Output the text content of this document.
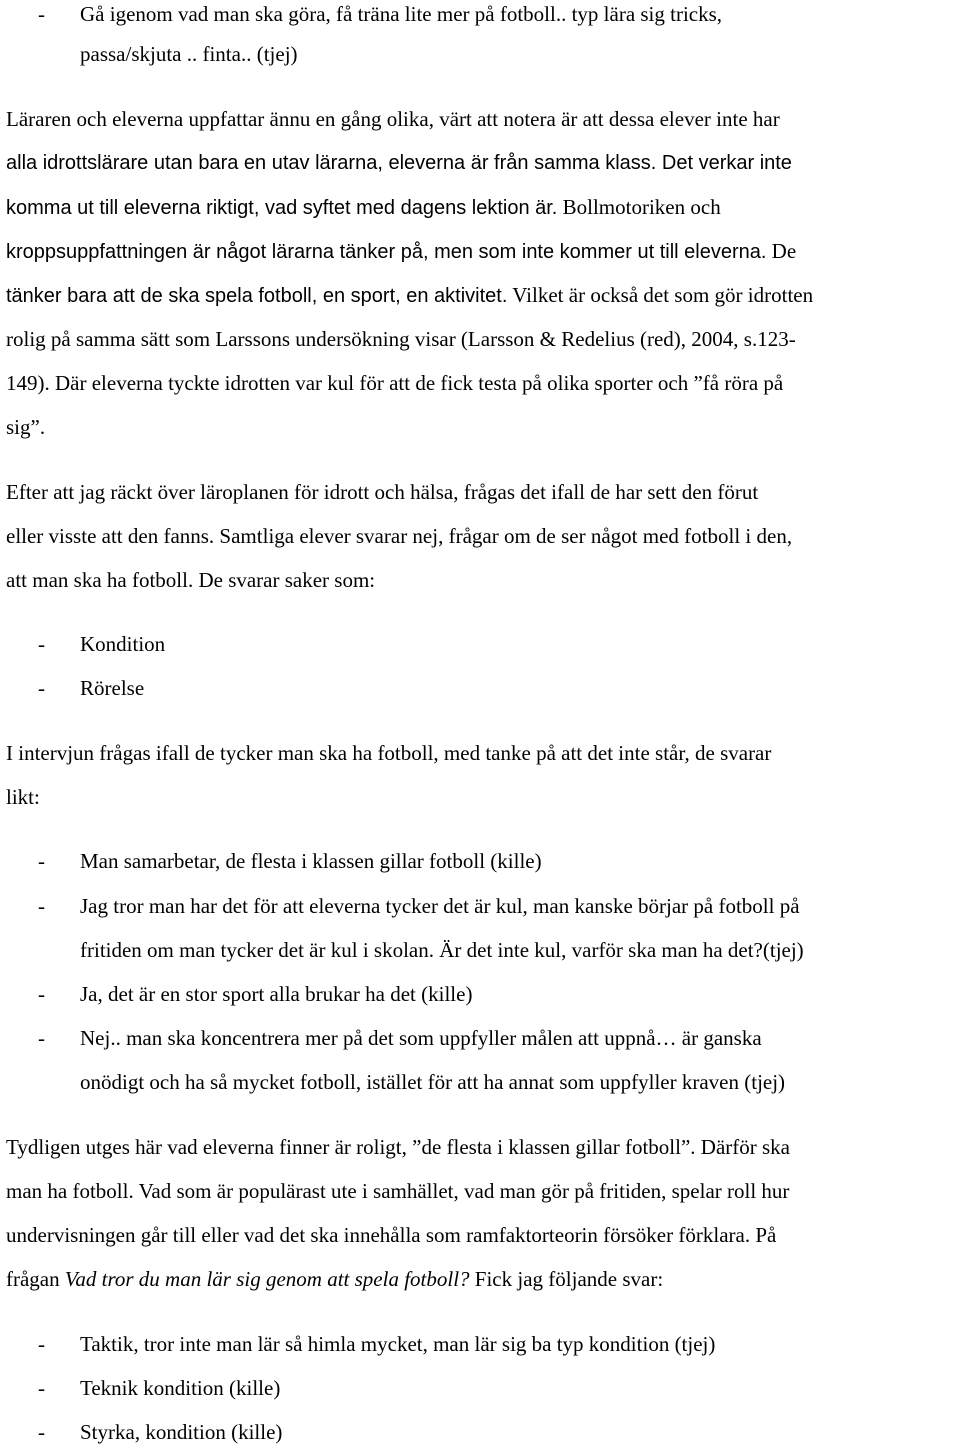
- Gå igenom vad man ska göra, få träna lite mer på fotboll.. typ lära sig tricks,
passa/skjuta .. finta.. (tjej)
Läraren och eleverna uppfattar ännu en gång olika, värt att notera är att dessa elever inte har
alla idrottslärare utan bara en utav lärarna, eleverna är från samma klass. Det verkar inte
komma ut till eleverna riktigt, vad syftet med dagens lektion är. Bollmotoriken och
kroppsuppfattningen är något lärarna tänker på, men som inte kommer ut till eleverna. De
tänker bara att de ska spela fotboll, en sport, en aktivitet. Vilket är också det som gör idrotten
rolig på samma sätt som Larssons undersökning visar (Larsson & Redelius (red), 2004, s.123-
149). Där eleverna tyckte idrotten var kul för att de fick testa på olika sporter och ”få röra på
sig”.
Efter att jag räckt över läroplanen för idrott och hälsa, frågas det ifall de har sett den förut
eller visste att den fanns. Samtliga elever svarar nej, frågar om de ser något med fotboll i den,
att man ska ha fotboll. De svarar saker som:
- Kondition
- Rörelse
I intervjun frågas ifall de tycker man ska ha fotboll, med tanke på att det inte står, de svarar
likt:
- Man samarbetar, de flesta i klassen gillar fotboll (kille)
- Jag tror man har det för att eleverna tycker det är kul, man kanske börjar på fotboll på
fritiden om man tycker det är kul i skolan. Är det inte kul, varför ska man ha det?(tjej)
- Ja, det är en stor sport alla brukar ha det (kille)
- Nej.. man ska koncentrera mer på det som uppfyller målen att uppnå… är ganska
onödigt och ha så mycket fotboll, istället för att ha annat som uppfyller kraven (tjej)
Tydligen utges här vad eleverna finner är roligt, ”de flesta i klassen gillar fotboll”. Därför ska
man ha fotboll. Vad som är populärast ute i samhället, vad man gör på fritiden, spelar roll hur
undervisningen går till eller vad det ska innehålla som ramfaktorteorin försöker förklara. På
frågan Vad tror du man lär sig genom att spela fotboll? Fick jag följande svar:
- Taktik, tror inte man lär så himla mycket, man lär sig ba typ kondition (tjej)
- Teknik kondition (kille)
- Styrka, kondition (kille)
